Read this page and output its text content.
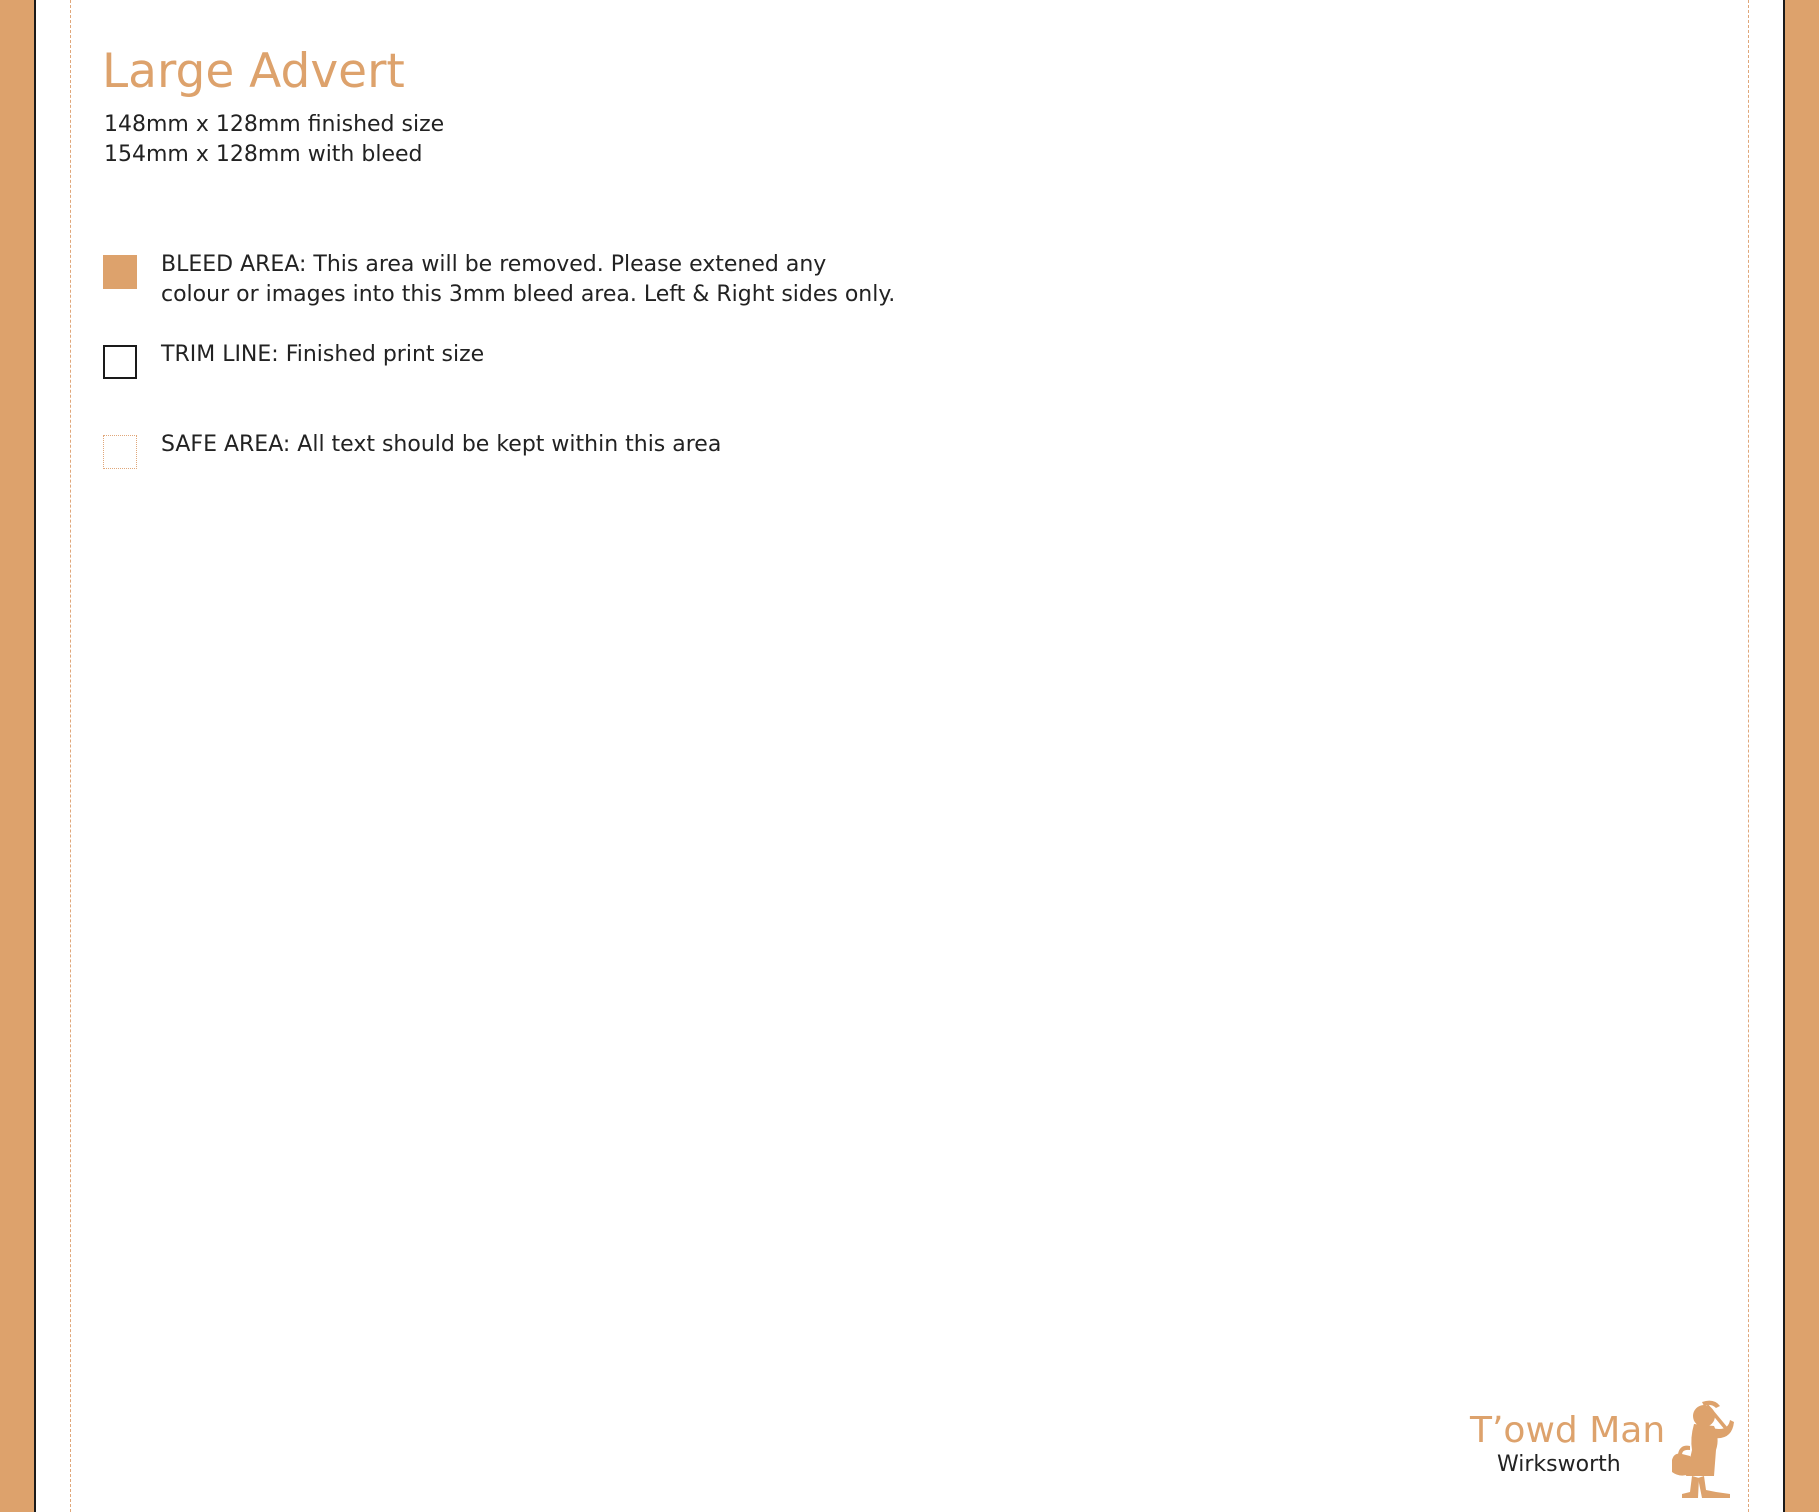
Large Advert
148mm x 128mm finished size
154mm x 128mm with bleed
BLEED AREA: This area will be removed. Please extened any
colour or images into this 3mm bleed area. Left & Right sides only.
TRIM LINE: Finished print size
SAFE AREA: All text should be kept within this area
T’owd Man
Wirksworth
